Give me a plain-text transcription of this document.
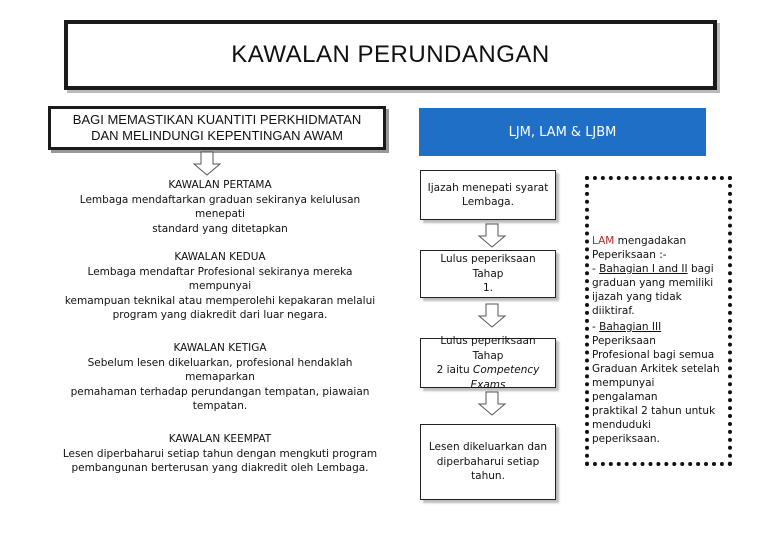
KAWALAN PERUNDANGAN
BAGI MEMASTIKAN KUANTITI PERKHIDMATAN
DAN MELINDUNGI KEPENTINGAN AWAM	LJM, LAM & LJBM
KAWALAN PERTAMA
Lembaga mendaftarkan graduan sekiranya kelulusan menepati
standard yang ditetapkan
KAWALAN KEDUA
Lembaga mendaftar Profesional sekiranya mereka mempunyai
kemampuan teknikal atau memperolehi kepakaran melalui
program yang diakredit dari luar negara.
KAWALAN KETIGA
Sebelum lesen dikeluarkan, profesional hendaklah memaparkan
pemahaman terhadap perundangan tempatan, piawaian
tempatan.
KAWALAN KEEMPAT
Lesen diperbaharui setiap tahun dengan mengkuti program
pembangunan berterusan yang diakredit oleh Lembaga.
Ijazah menepati syarat
Lembaga.
Lulus peperiksaan Tahap
1.
Lulus peperiksaan Tahap
2 iaitu Competency Exams
Lesen dikeluarkan dan
diperbaharui setiap tahun.
LAM mengadakan
Peperiksaan :-
- Bahagian I and II bagi
graduan yang memiliki
ijazah yang tidak diiktiraf.
- Bahagian III Peperiksaan
Profesional bagi semua
Graduan Arkitek setelah
mempunyai pengalaman
praktikal 2 tahun untuk
menduduki peperiksaan.
